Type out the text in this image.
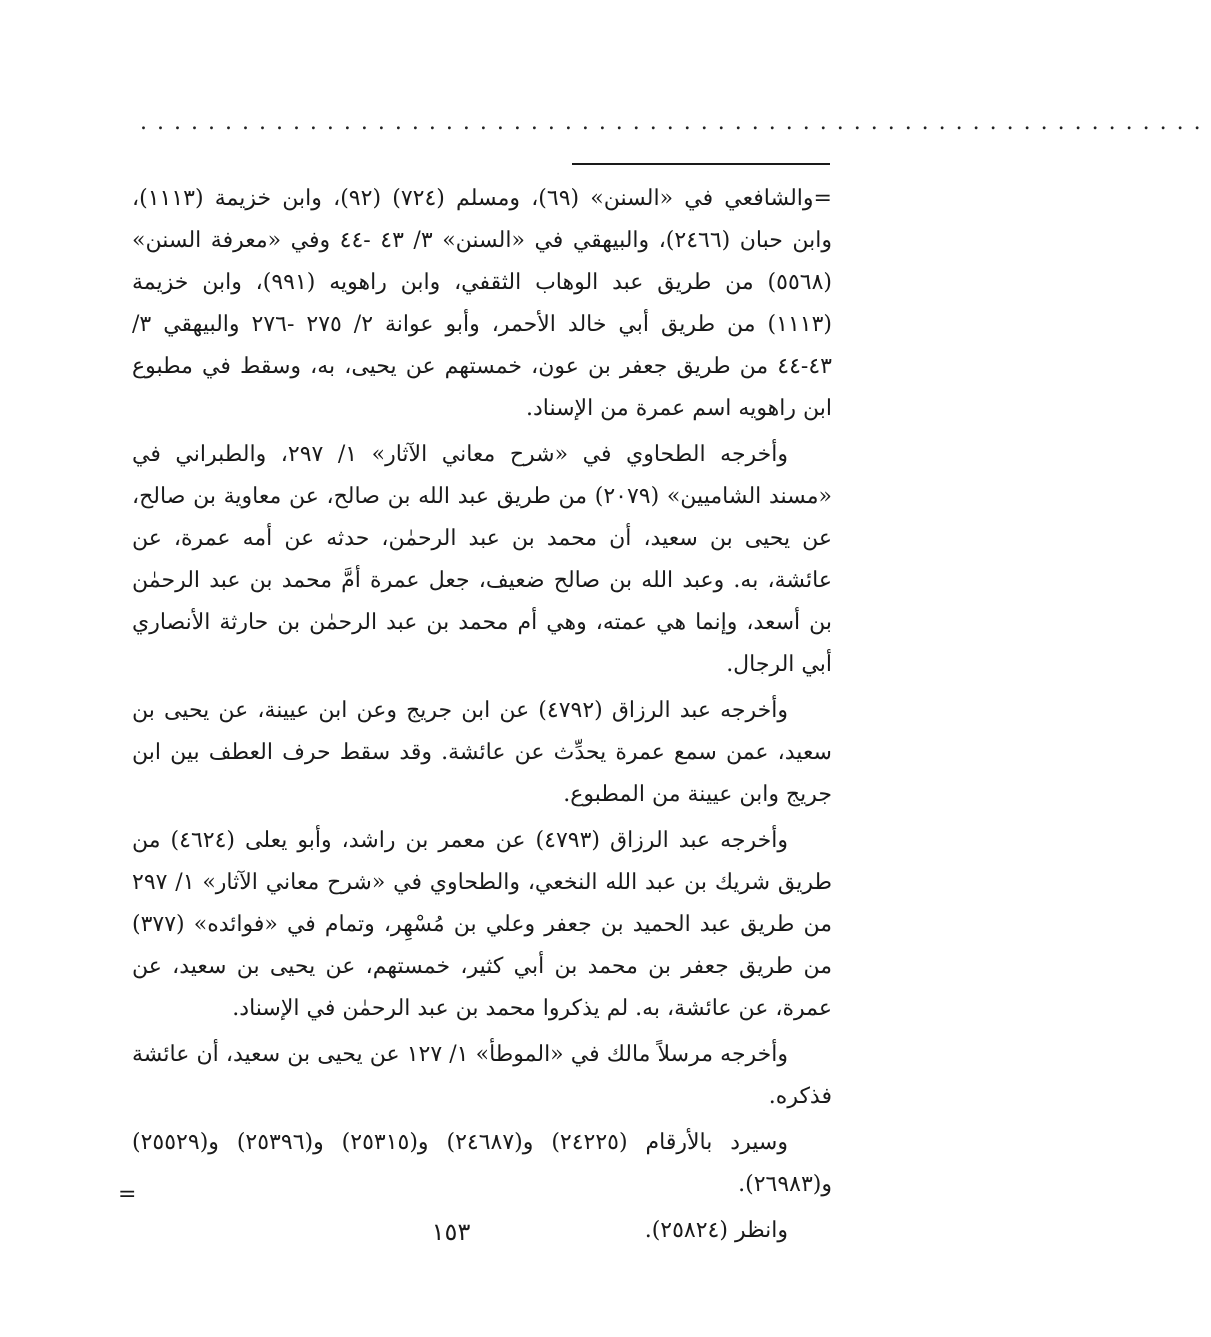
...............................................................

=والشافعي في «السنن» (٦٩)، ومسلم (٧٢٤) (٩٢)، وابن خزيمة (١١١٣)، وابن حبان (٢٤٦٦)، والبيهقي في «السنن» ٣/ ٤٣ -٤٤ وفي «معرفة السنن» (٥٥٦٨) من طريق عبد الوهاب الثقفي، وابن راهويه (٩٩١)، وابن خزيمة (١١١٣) من طريق أبي خالد الأحمر، وأبو عوانة ٢/ ٢٧٥ -٢٧٦ والبيهقي ٣/ ٤٣-٤٤ من طريق جعفر بن عون، خمستهم عن يحيى، به، وسقط في مطبوع ابن راهويه اسم عمرة من الإسناد.

وأخرجه الطحاوي في «شرح معاني الآثار» ١/ ٢٩٧، والطبراني في «مسند الشاميين» (٢٠٧٩) من طريق عبد الله بن صالح، عن معاوية بن صالح، عن يحيى بن سعيد، أن محمد بن عبد الرحمٰن، حدثه عن أمه عمرة، عن عائشة، به. وعبد الله بن صالح ضعيف، جعل عمرة أمَّ محمد بن عبد الرحمٰن بن أسعد، وإنما هي عمته، وهي أم محمد بن عبد الرحمٰن بن حارثة الأنصاري أبي الرجال.

وأخرجه عبد الرزاق (٤٧٩٢) عن ابن جريج وعن ابن عيينة، عن يحيى بن سعيد، عمن سمع عمرة يحدِّث عن عائشة. وقد سقط حرف العطف بين ابن جريج وابن عيينة من المطبوع.

وأخرجه عبد الرزاق (٤٧٩٣) عن معمر بن راشد، وأبو يعلى (٤٦٢٤) من طريق شريك بن عبد الله النخعي، والطحاوي في «شرح معاني الآثار» ١/ ٢٩٧ من طريق عبد الحميد بن جعفر وعلي بن مُسْهِر، وتمام في «فوائده» (٣٧٧) من طريق جعفر بن محمد بن أبي كثير، خمستهم، عن يحيى بن سعيد، عن عمرة، عن عائشة، به. لم يذكروا محمد بن عبد الرحمٰن في الإسناد.

وأخرجه مرسلاً مالك في «الموطأ» ١/ ١٢٧ عن يحيى بن سعيد، أن عائشة فذكره.

وسيرد بالأرقام (٢٤٢٢٥) و(٢٤٦٨٧) و(٢٥٣١٥) و(٢٥٣٩٦) و(٢٥٥٢٩) و(٢٦٩٨٣).

وانظر (٢٥٨٢٤).

=
١٥٣
